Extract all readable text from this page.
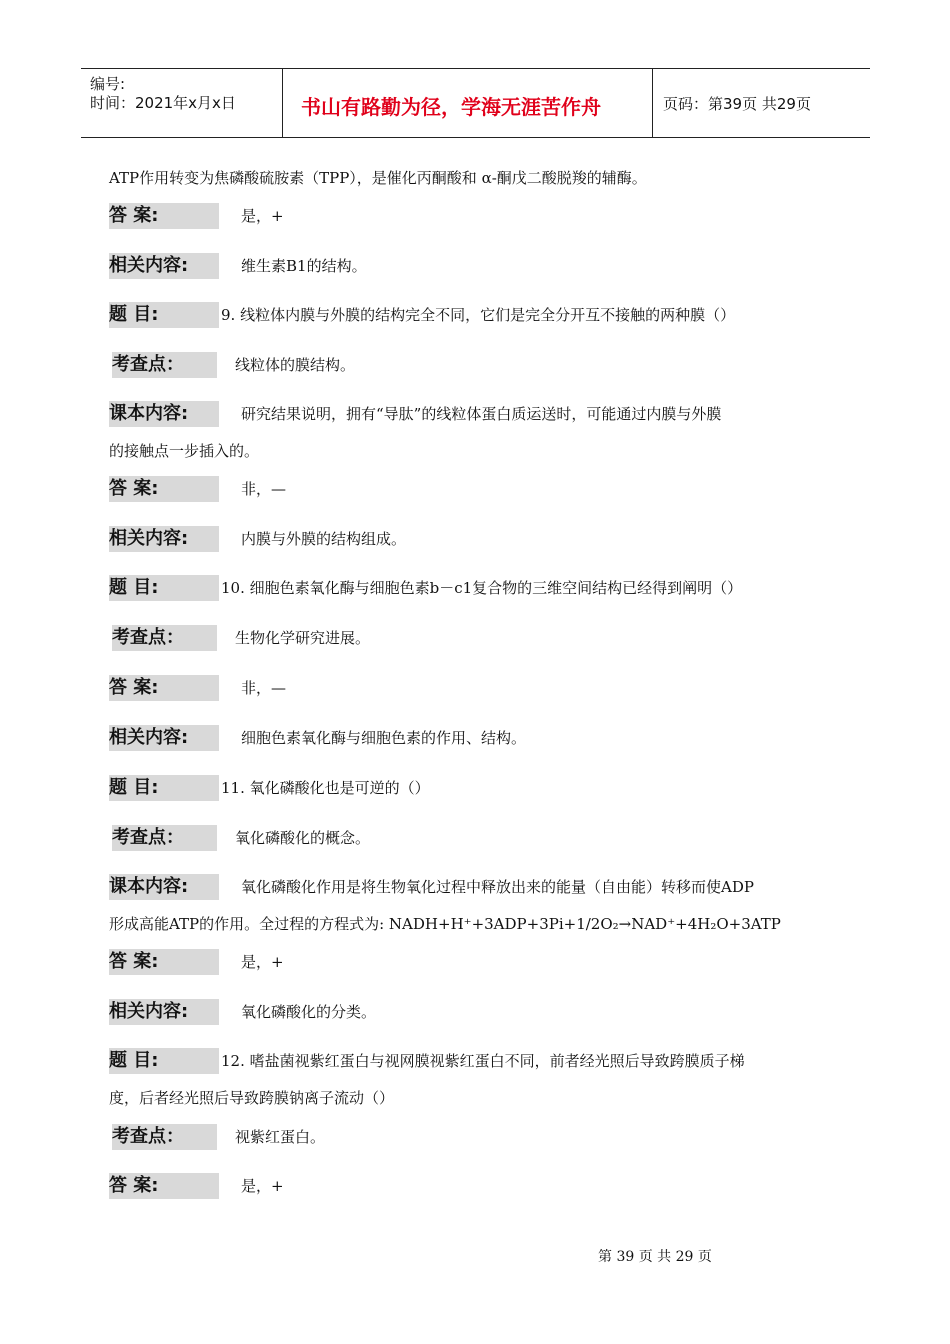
编号:
时间：2021年x月x日	书山有路勤为径，学海无涯苦作舟	页码：第39页 共29页
ATP作用转变为焦磷酸硫胺素（TPP），是催化丙酮酸和 α-酮戊二酸脱羧的辅酶。
答 案:	是，+
相关内容:	维生素B1的结构。
题 目:	9. 线粒体内膜与外膜的结构完全不同，它们是完全分开互不接触的两种膜（）
考查点：	线粒体的膜结构。
课本内容:	研究结果说明，拥有“导肽”的线粒体蛋白质运送时，可能通过内膜与外膜
的接触点一步插入的。
答 案:	非，—
相关内容:	内膜与外膜的结构组成。
题 目:	10. 细胞色素氧化酶与细胞色素b－c1复合物的三维空间结构已经得到阐明（）
考查点：	生物化学研究进展。
答 案:	非，—
相关内容:	细胞色素氧化酶与细胞色素的作用、结构。
题 目:	11. 氧化磷酸化也是可逆的（）
考查点：	氧化磷酸化的概念。
课本内容:	氧化磷酸化作用是将生物氧化过程中释放出来的能量（自由能）转移而使ADP
形成高能ATP的作用。全过程的方程式为: NADH+H⁺+3ADP+3Pi+1/2O₂→NAD⁺+4H₂O+3ATP
答 案:	是，+
相关内容:	氧化磷酸化的分类。
题 目:	12. 嗜盐菌视紫红蛋白与视网膜视紫红蛋白不同，前者经光照后导致跨膜质子梯
度，后者经光照后导致跨膜钠离子流动（）
考查点：	视紫红蛋白。
答 案:	是，+
第 39 页 共 29 页
